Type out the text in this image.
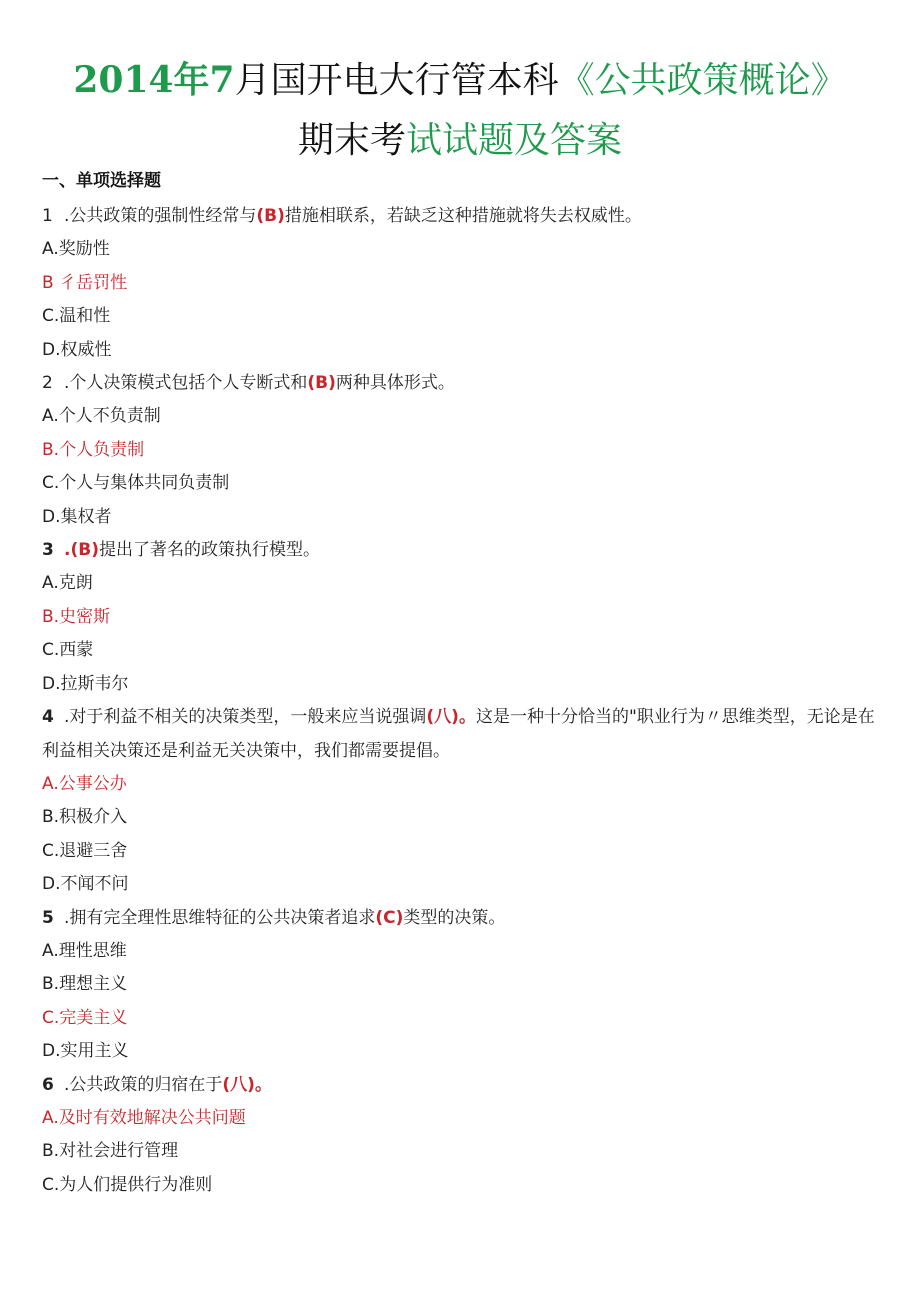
2014年7月国开电大行管本科《公共政策概论》
期末考试试题及答案
一、单项选择题
1 .公共政策的强制性经常与(B)措施相联系，若缺乏这种措施就将失去权威性。
A.奖励性
B 彳岳罚性
C.温和性
D.权威性
2 .个人决策模式包括个人专断式和(B)两种具体形式。
A.个人不负责制
B.个人负责制
C.个人与集体共同负责制
D.集权者
3 .(B)提出了著名的政策执行模型。
A.克朗
B.史密斯
C.西蒙
D.拉斯韦尔
4 .对于利益不相关的决策类型，一般来应当说强调(八)。这是一种十分恰当的"职业行为〃思维类型，无论是在利益相关决策还是利益无关决策中，我们都需要提倡。
A.公事公办
B.积极介入
C.退避三舍
D.不闻不问
5 .拥有完全理性思维特征的公共决策者追求(C)类型的决策。
A.理性思维
B.理想主义
C.完美主义
D.实用主义
6 .公共政策的归宿在于(八)。
A.及时有效地解决公共问题
B.对社会进行管理
C.为人们提供行为准则
